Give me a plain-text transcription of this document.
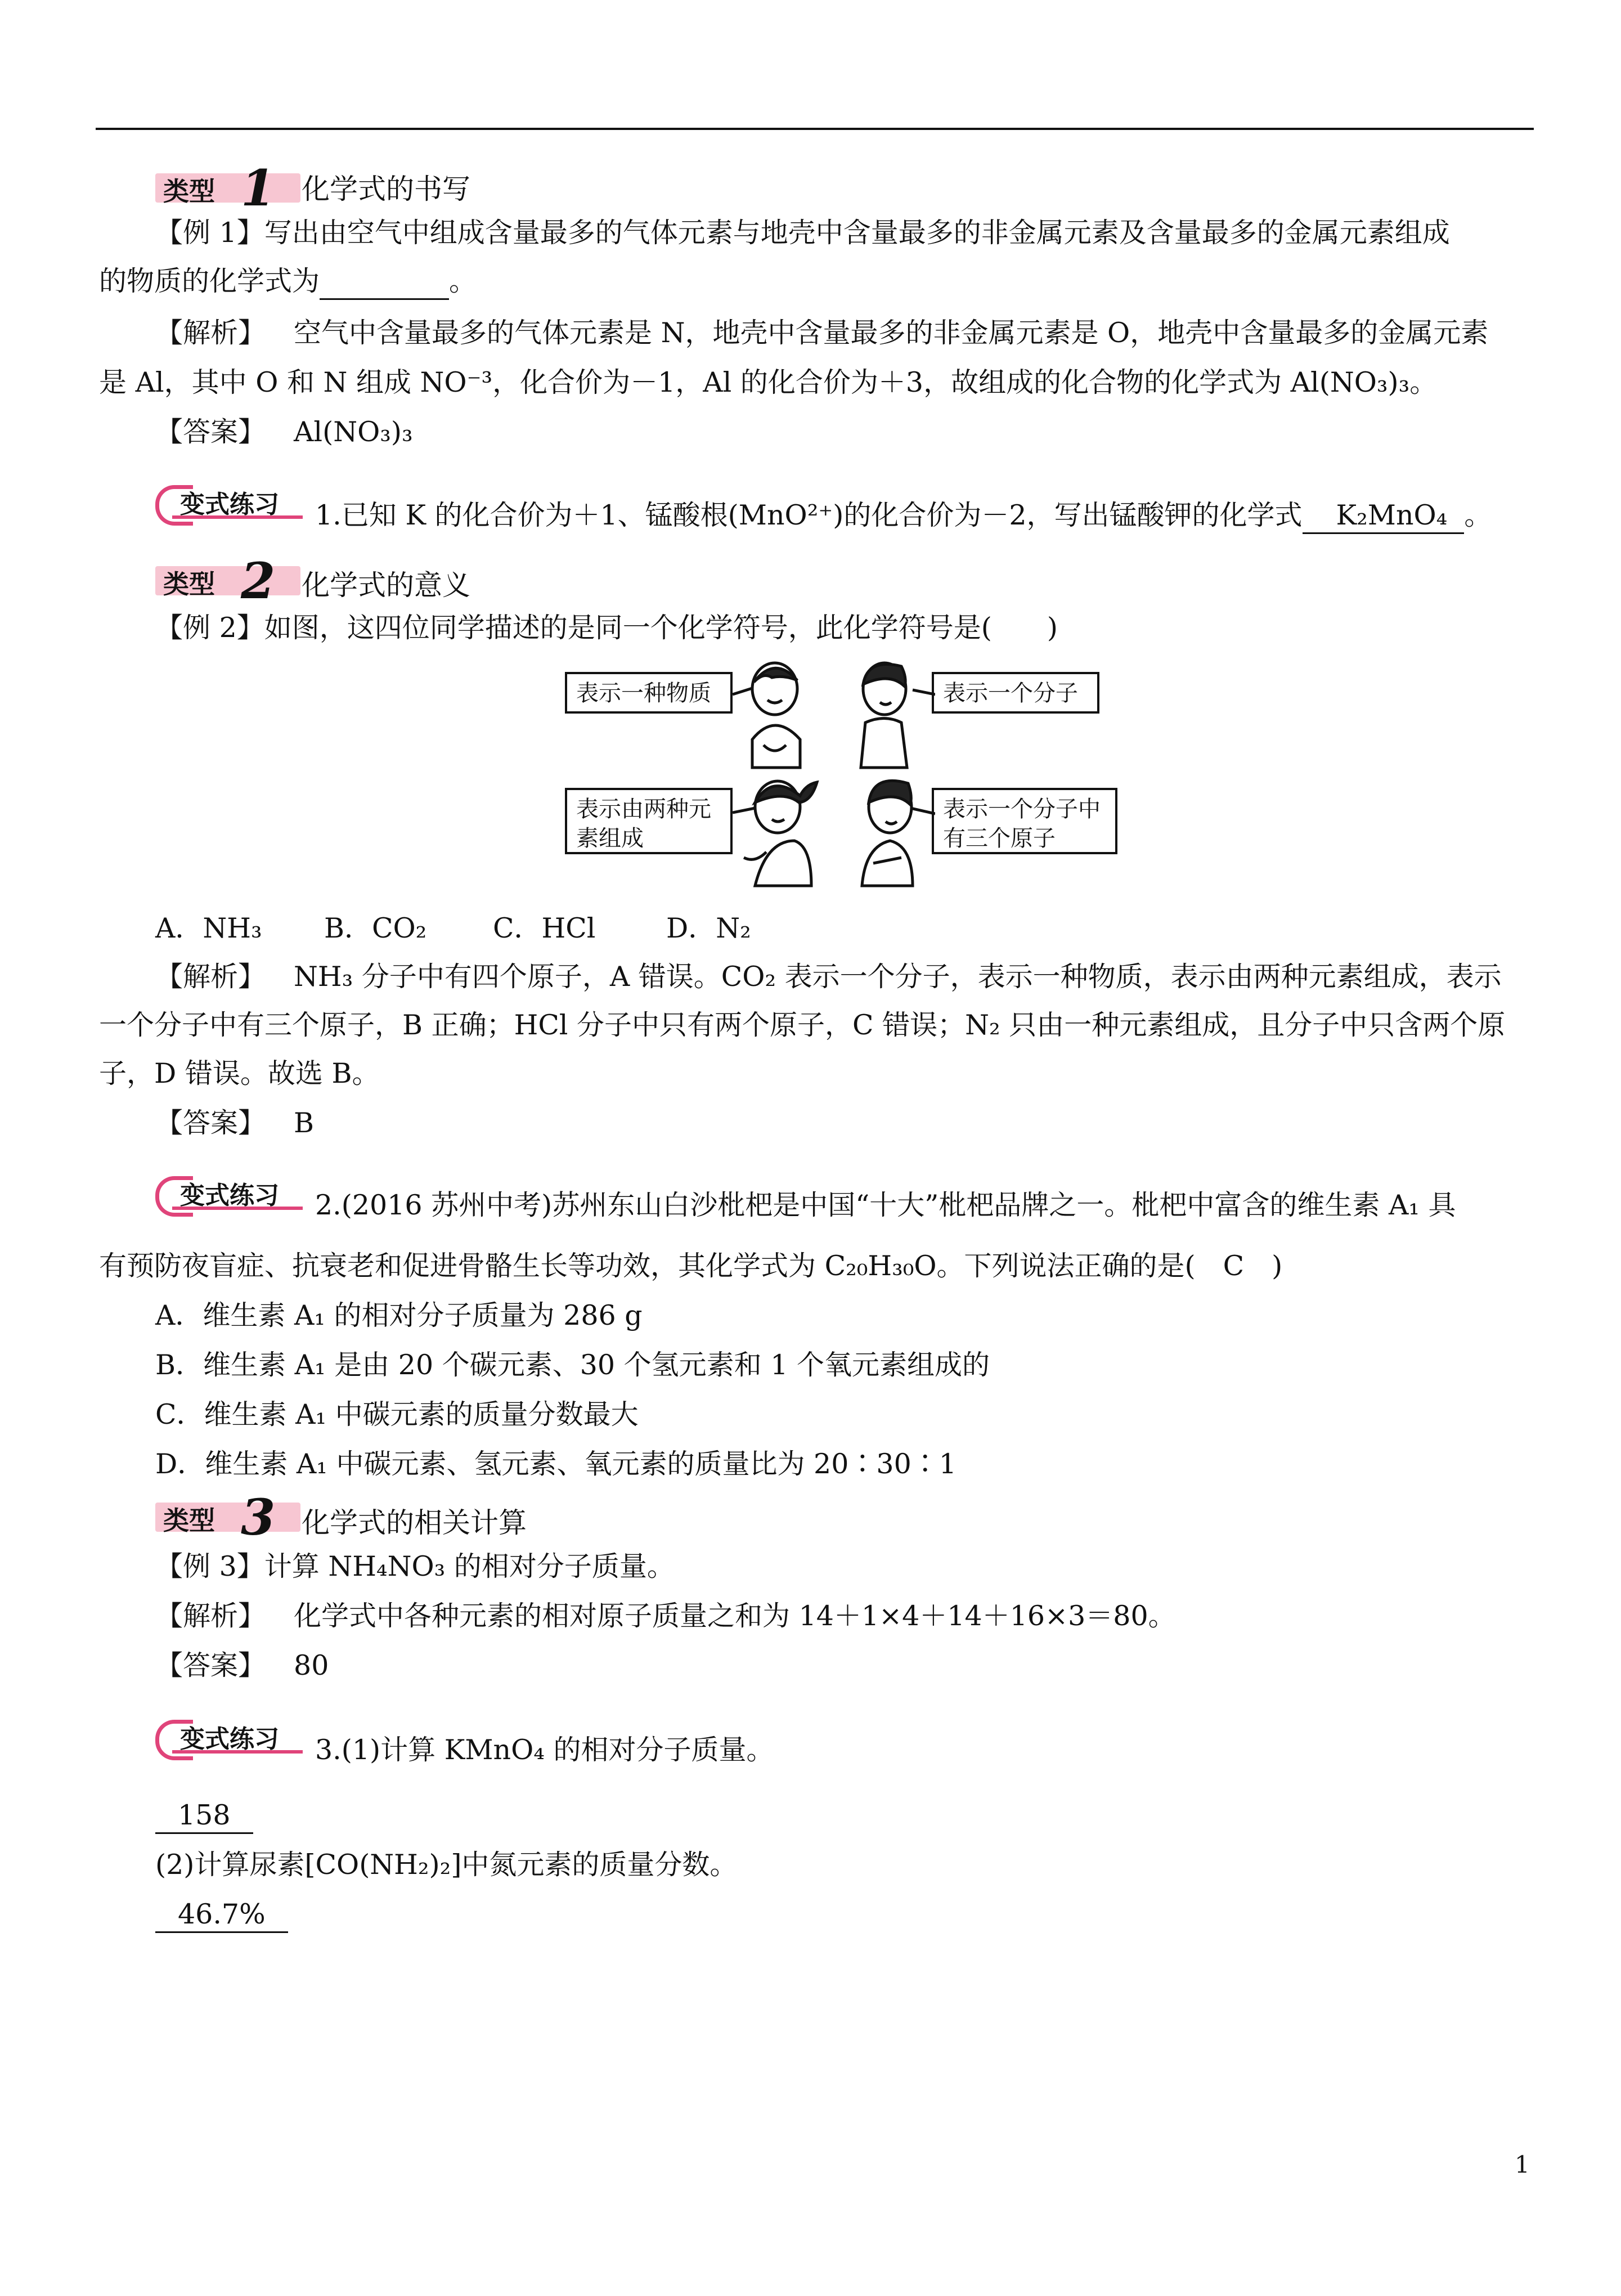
类型 1 化学式的书写
【例 1】写出由空气中组成含量最多的气体元素与地壳中含量最多的非金属元素及含量最多的金属元素组成
的物质的化学式为	。
【解析】 空气中含量最多的气体元素是 N，地壳中含量最多的非金属元素是 O，地壳中含量最多的金属元素
是 Al，其中 O 和 N 组成 NO⁻³，化合价为－1，Al 的化合价为＋3，故组成的化合物的化学式为 Al(NO₃)₃。
【答案】 Al(NO₃)₃
变式练习 1.已知 K 的化合价为＋1、锰酸根(MnO²⁺)的化合价为－2，写出锰酸钾的化学式 K₂MnO₄ 。
类型 2 化学式的意义
【例 2】如图，这四位同学描述的是同一个化学符号，此化学符号是(　　)
表示一种物质	表示一个分子
表示由两种元素组成
表示一个分子中有三个原子
A．NH₃ B．CO₂ C．HCl	D．N₂
【解析】 NH₃ 分子中有四个原子，A 错误。CO₂ 表示一个分子，表示一种物质，表示由两种元素组成，表示
一个分子中有三个原子，B 正确；HCl 分子中只有两个原子，C 错误；N₂ 只由一种元素组成，且分子中只含两个原
子，D 错误。故选 B。
【答案】 B
变式练习 2.(2016 苏州中考)苏州东山白沙枇杷是中国“十大”枇杷品牌之一。枇杷中富含的维生素 A₁ 具
有预防夜盲症、抗衰老和促进骨骼生长等功效，其化学式为 C₂₀H₃₀O。下列说法正确的是(　C　)
A．维生素 A₁ 的相对分子质量为 286 g
B．维生素 A₁ 是由 20 个碳元素、30 个氢元素和 1 个氧元素组成的
C．维生素 A₁ 中碳元素的质量分数最大
D．维生素 A₁ 中碳元素、氢元素、氧元素的质量比为 20∶30∶1
类型 3 化学式的相关计算
【例 3】计算 NH₄NO₃ 的相对分子质量。
【解析】 化学式中各种元素的相对原子质量之和为 14＋1×4＋14＋16×3＝80。
【答案】 80
变式练习 3.(1)计算 KMnO₄ 的相对分子质量。
158
(2)计算尿素[CO(NH₂)₂]中氮元素的质量分数。
46.7%
1
